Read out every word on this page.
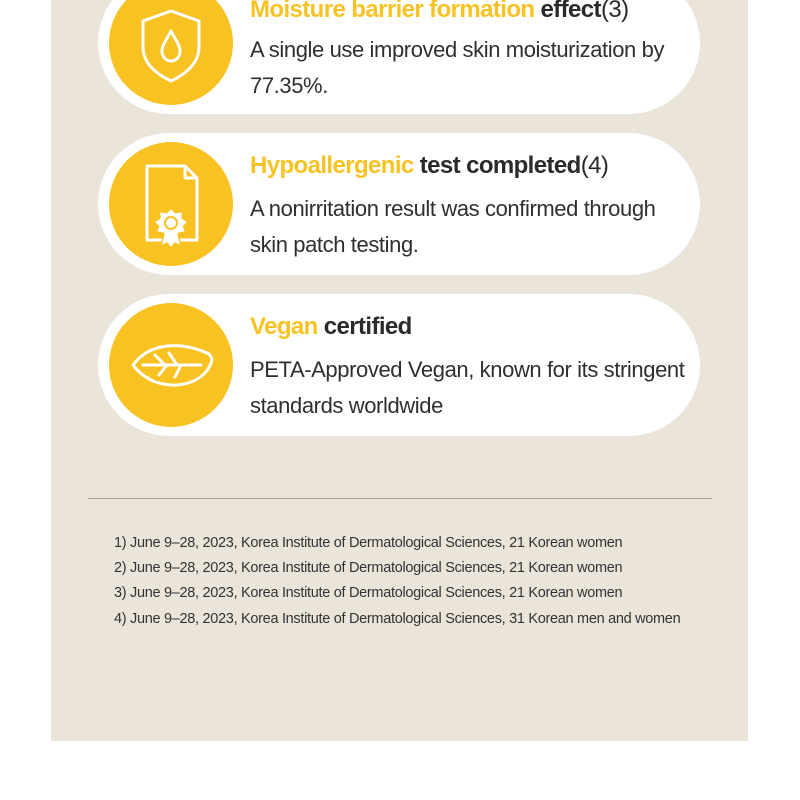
Moisture barrier formation effect(3)
A single use improved skin moisturization by 77.35%.
Hypoallergenic test completed(4)
A nonirritation result was confirmed through skin patch testing.
Vegan certified
PETA-Approved Vegan, known for its stringent standards worldwide
1) June 9–28, 2023, Korea Institute of Dermatological Sciences, 21 Korean women
2) June 9–28, 2023, Korea Institute of Dermatological Sciences, 21 Korean women
3) June 9–28, 2023, Korea Institute of Dermatological Sciences, 21 Korean women
4) June 9–28, 2023, Korea Institute of Dermatological Sciences, 31 Korean men and women
